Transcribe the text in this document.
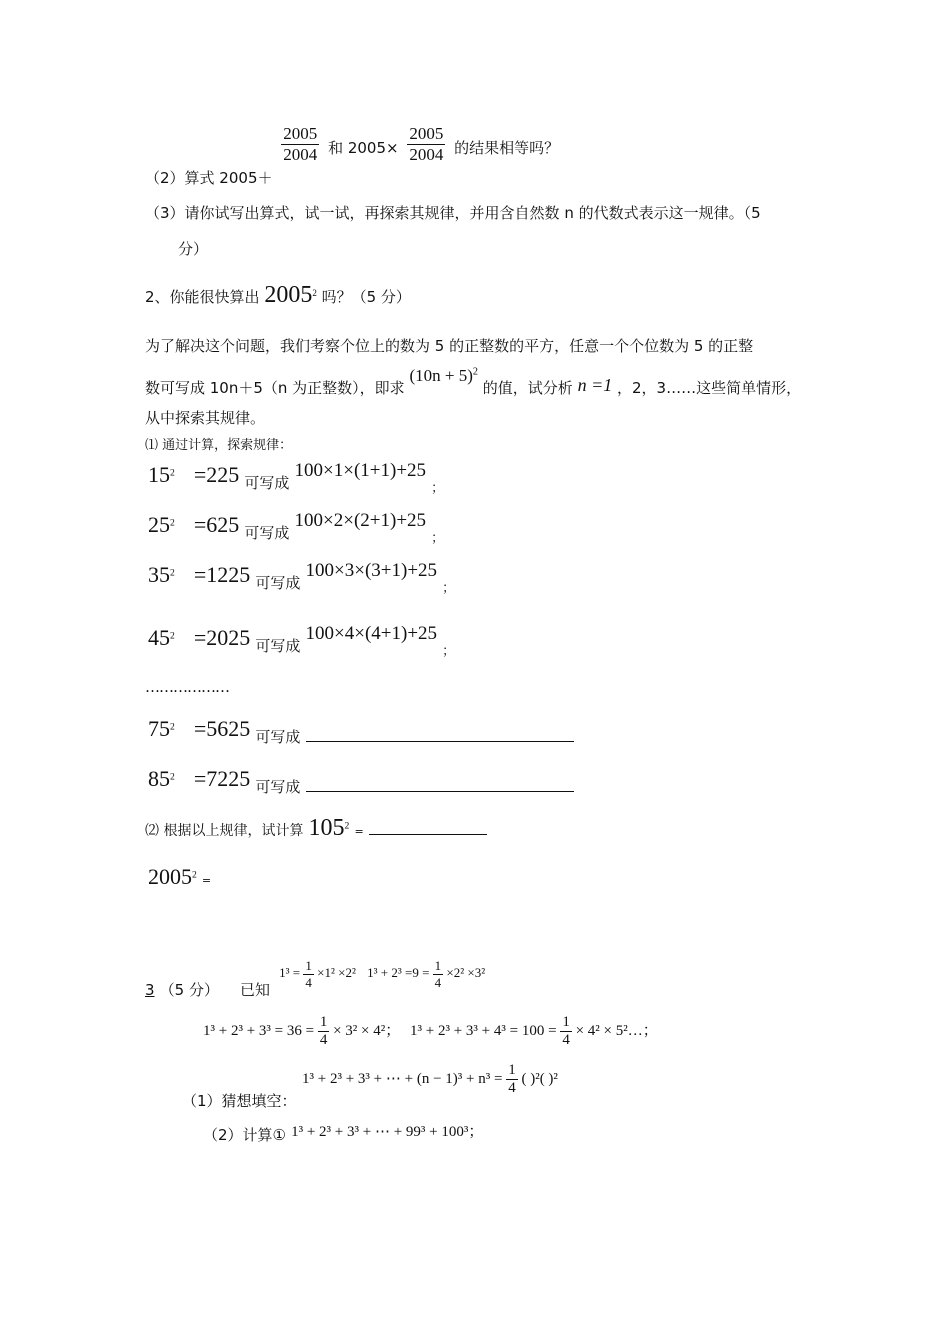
（2）算式 2005＋
$\frac{2005}{2004}$ 和 $2005\times \frac{2005}{2004}$ 的结果相等吗？
（3）请你试写出算式，试一试，再探索其规律，并用含自然数 n 的代数式表示这一规律。（5
分）
2、你能很快算出 2005$^2$ 吗？（5 分）
为了解决这个问题，我们考察个位上的数为 5 的正整数的平方，任意一个个位数为 5 的正整
数可写成 10n＋5（n 为正整数），即求 $(10n + 5)^2$ 的值，试分析 n =1 ，2，3……这些简单情形，
从中探索其规律。
⑴ 通过计算，探索规律：
$15^2 =225$ 可写成 100×1×(1+1)+25 $_;$
$25^2 =625$ 可写成 100×2×(2+1)+25 $_;$
$35^2 =1225$ 可写成 100×3×(3+1)+25 $_;$
$45^2 =2025$ 可写成 100×4×(4+1)+25 $_;$
………………
$75^2 =5625$ 可写成
$85^2 =7225$ 可写成
⑵ 根据以上规律，试计算 $105^2$ =
$2005^2$ =
3 （5 分） 已知 $1^3 = \frac{1}{4} \times 1^2 \times 2^2$ $1^3 + 2^3 =9 = \frac{1}{4} \times 2^2 \times 3^2$
$1^3 + 2^3 + 3^3 = 36 = \frac{1}{4} \times 3^2 \times 4^2$； $1^3 + 2^3 + 3^3 + 4^3 = 100 = \frac{1}{4} \times 4^2$ × 5²…；
1³ + 2³ + 3³ + ⋯ + $(n - 1)^3 + n^3 = \frac{1}{4}$ ( )²( )²
（1）猜想填空：
（2）计算① 1³ + 2³ + 3³ + ⋯ + 99³ + 100³；
